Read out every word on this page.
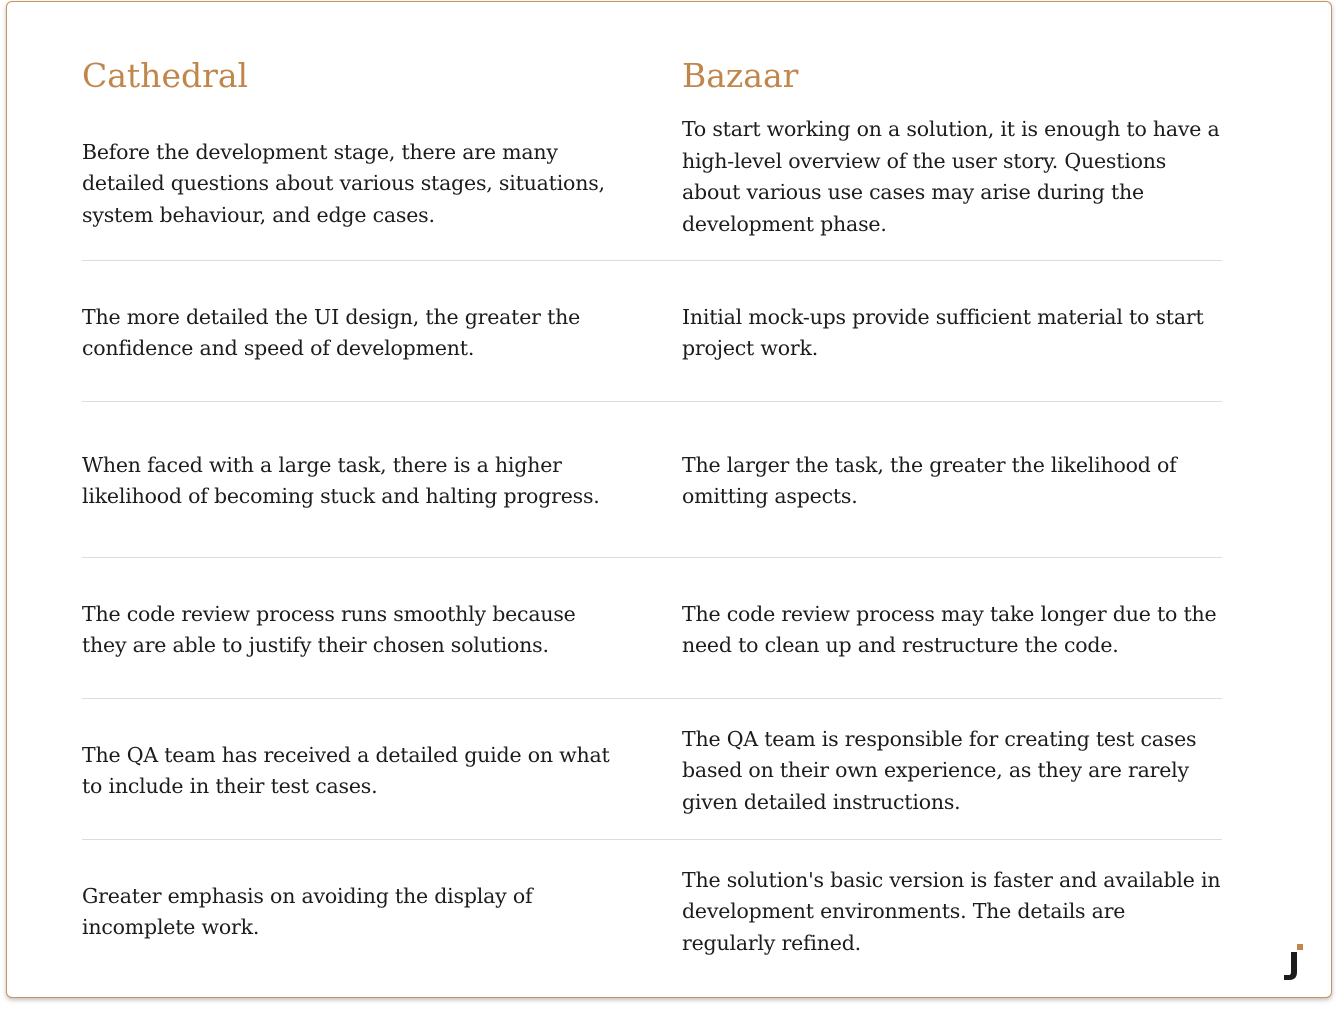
Cathedral	Bazaar
Before the development stage, there are many detailed questions about various stages, situations, system behaviour, and edge cases.
To start working on a solution, it is enough to have a high-level overview of the user story. Questions about various use cases may arise during the development phase.
The more detailed the UI design, the greater the confidence and speed of development.
Initial mock-ups provide sufficient material to start project work.
When faced with a large task, there is a higher likelihood of becoming stuck and halting progress.
The larger the task, the greater the likelihood of omitting aspects.
The code review process runs smoothly because they are able to justify their chosen solutions.
The code review process may take longer due to the need to clean up and restructure the code.
The QA team has received a detailed guide on what to include in their test cases.
The QA team is responsible for creating test cases based on their own experience, as they are rarely given detailed instructions.
Greater emphasis on avoiding the display of incomplete work.
The solution's basic version is faster and available in development environments. The details are regularly refined.
